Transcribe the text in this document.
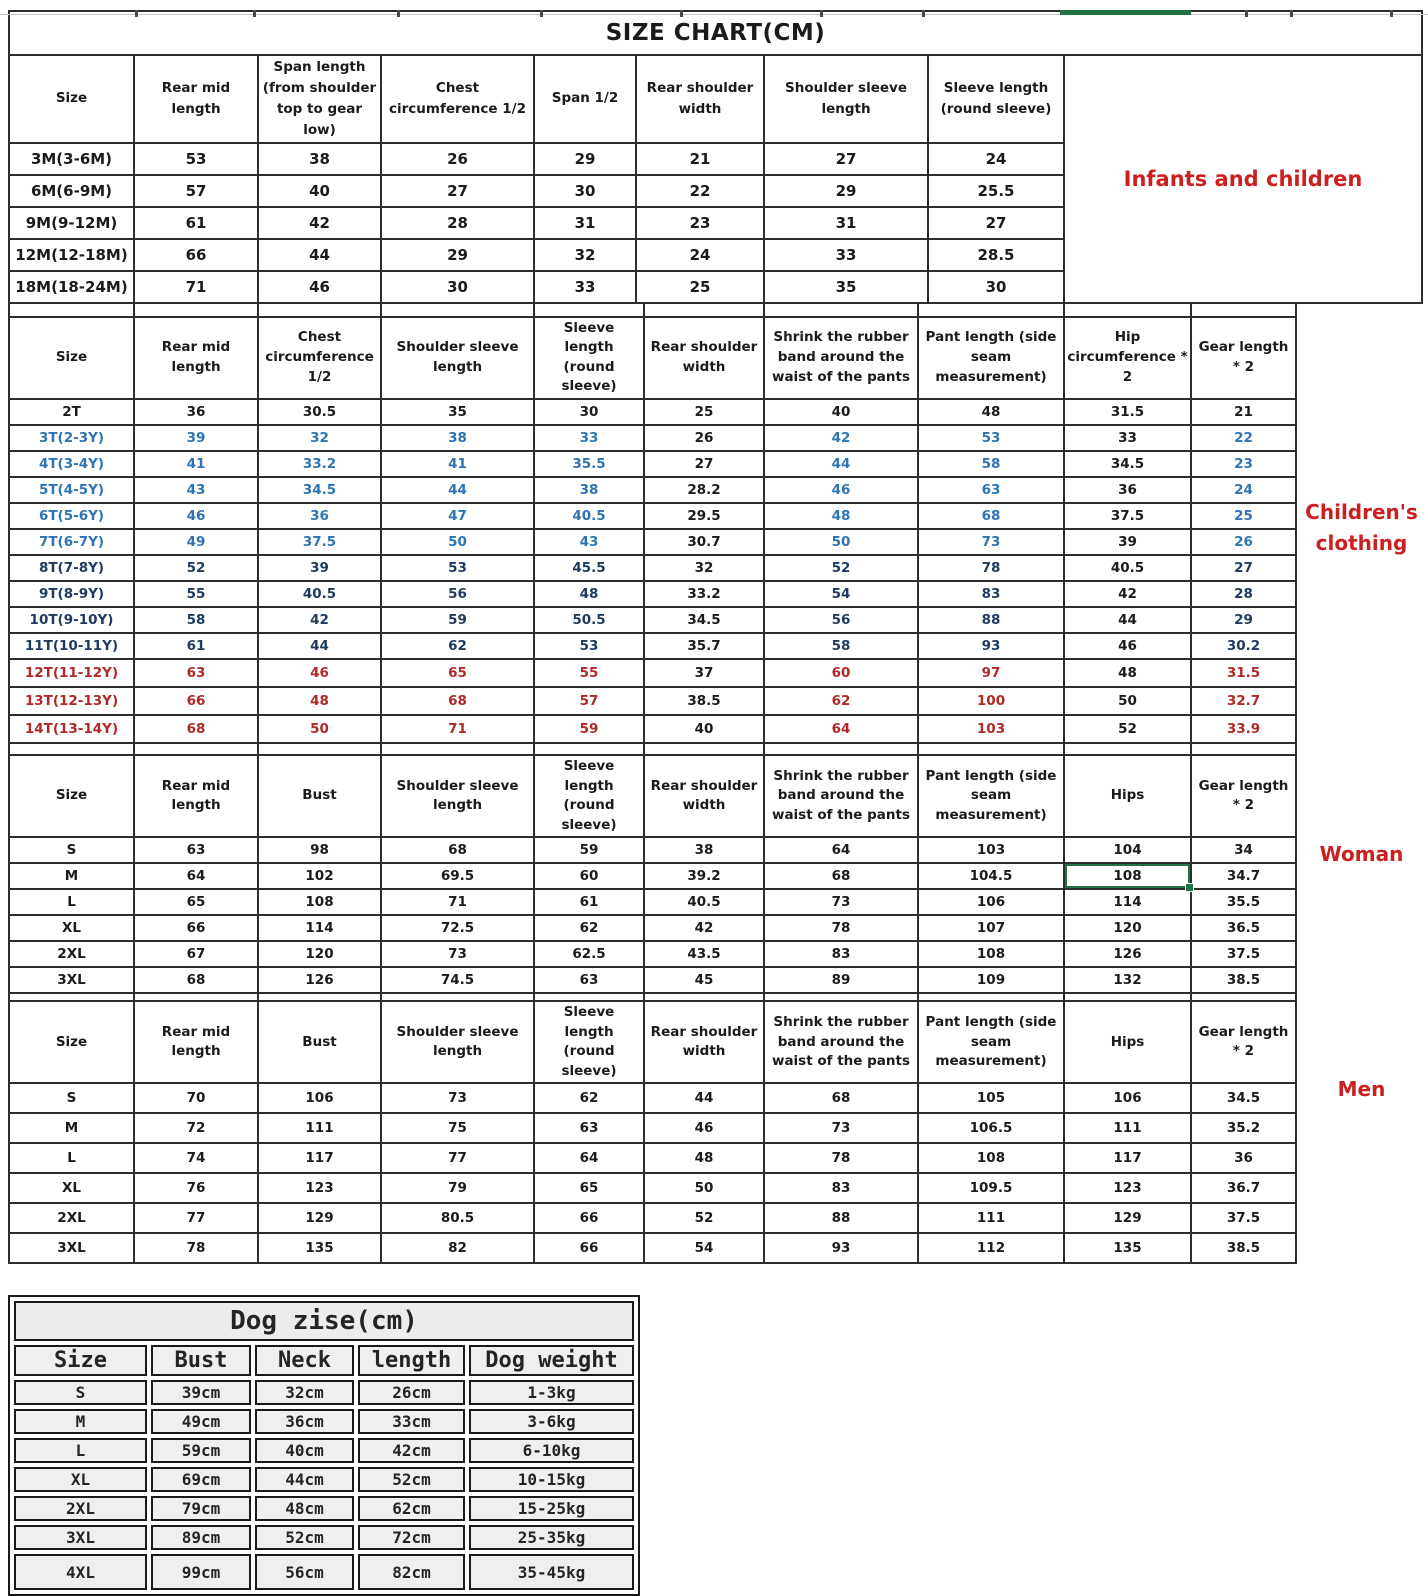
SIZE CHART(CM)								
Size	Rear mid length	Span length (from shoulder top to gear low)	Chest circumference 1/2	Span 1/2	Rear shoulder width	Shoulder sleeve length	Sleeve length (round sleeve)	Infants and children
3M(3-6M)	53	38	26	29	21	27	24	
6M(6-9M)	57	40	27	30	22	29	25.5	
9M(9-12M)	61	42	28	31	23	31	27	
12M(12-18M)	66	44	29	32	24	33	28.5	
18M(18-24M)	71	46	30	33	25	35	30	

Size	Rear mid length	Chest circumference 1/2	Shoulder sleeve length	Sleeve length (round sleeve)	Rear shoulder width	Shrink the rubber band around the waist of the pants	Pant length (side seam measurement)	Hip circumference * 2	Gear length * 2
2T	36	30.5	35	30	25	40	48	31.5	21
3T(2-3Y)	39	32	38	33	26	42	53	33	22
4T(3-4Y)	41	33.2	41	35.5	27	44	58	34.5	23
5T(4-5Y)	43	34.5	44	38	28.2	46	63	36	24
6T(5-6Y)	46	36	47	40.5	29.5	48	68	37.5	25
7T(6-7Y)	49	37.5	50	43	30.7	50	73	39	26
8T(7-8Y)	52	39	53	45.5	32	52	78	40.5	27
9T(8-9Y)	55	40.5	56	48	33.2	54	83	42	28
10T(9-10Y)	58	42	59	50.5	34.5	56	88	44	29
11T(10-11Y)	61	44	62	53	35.7	58	93	46	30.2
12T(11-12Y)	63	46	65	55	37	60	97	48	31.5
13T(12-13Y)	66	48	68	57	38.5	62	100	50	32.7
14T(13-14Y)	68	50	71	59	40	64	103	52	33.9

Size	Rear mid length	Bust	Shoulder sleeve length	Sleeve length (round sleeve)	Rear shoulder width	Shrink the rubber band around the waist of the pants	Pant length (side seam measurement)	Hips	Gear length * 2
S	63	98	68	59	38	64	103	104	34
M	64	102	69.5	60	39.2	68	104.5	108	34.7
L	65	108	71	61	40.5	73	106	114	35.5
XL	66	114	72.5	62	42	78	107	120	36.5
2XL	67	120	73	62.5	43.5	83	108	126	37.5
3XL	68	126	74.5	63	45	89	109	132	38.5

Size	Rear mid length	Bust	Shoulder sleeve length	Sleeve length (round sleeve)	Rear shoulder width	Shrink the rubber band around the waist of the pants	Pant length (side seam measurement)	Hips	Gear length * 2
S	70	106	73	62	44	68	105	106	34.5
M	72	111	75	63	46	73	106.5	111	35.2
L	74	117	77	64	48	78	108	117	36
XL	76	123	79	65	50	83	109.5	123	36.7
2XL	77	129	80.5	66	52	88	111	129	37.5
3XL	78	135	82	66	54	93	112	135	38.5
Children's clothing
Woman
Men
Dog zise(cm)				
Size	Bust	Neck	length	Dog weight
S	39cm	32cm	26cm	1-3kg
M	49cm	36cm	33cm	3-6kg
L	59cm	40cm	42cm	6-10kg
XL	69cm	44cm	52cm	10-15kg
2XL	79cm	48cm	62cm	15-25kg
3XL	89cm	52cm	72cm	25-35kg
4XL	99cm	56cm	82cm	35-45kg
